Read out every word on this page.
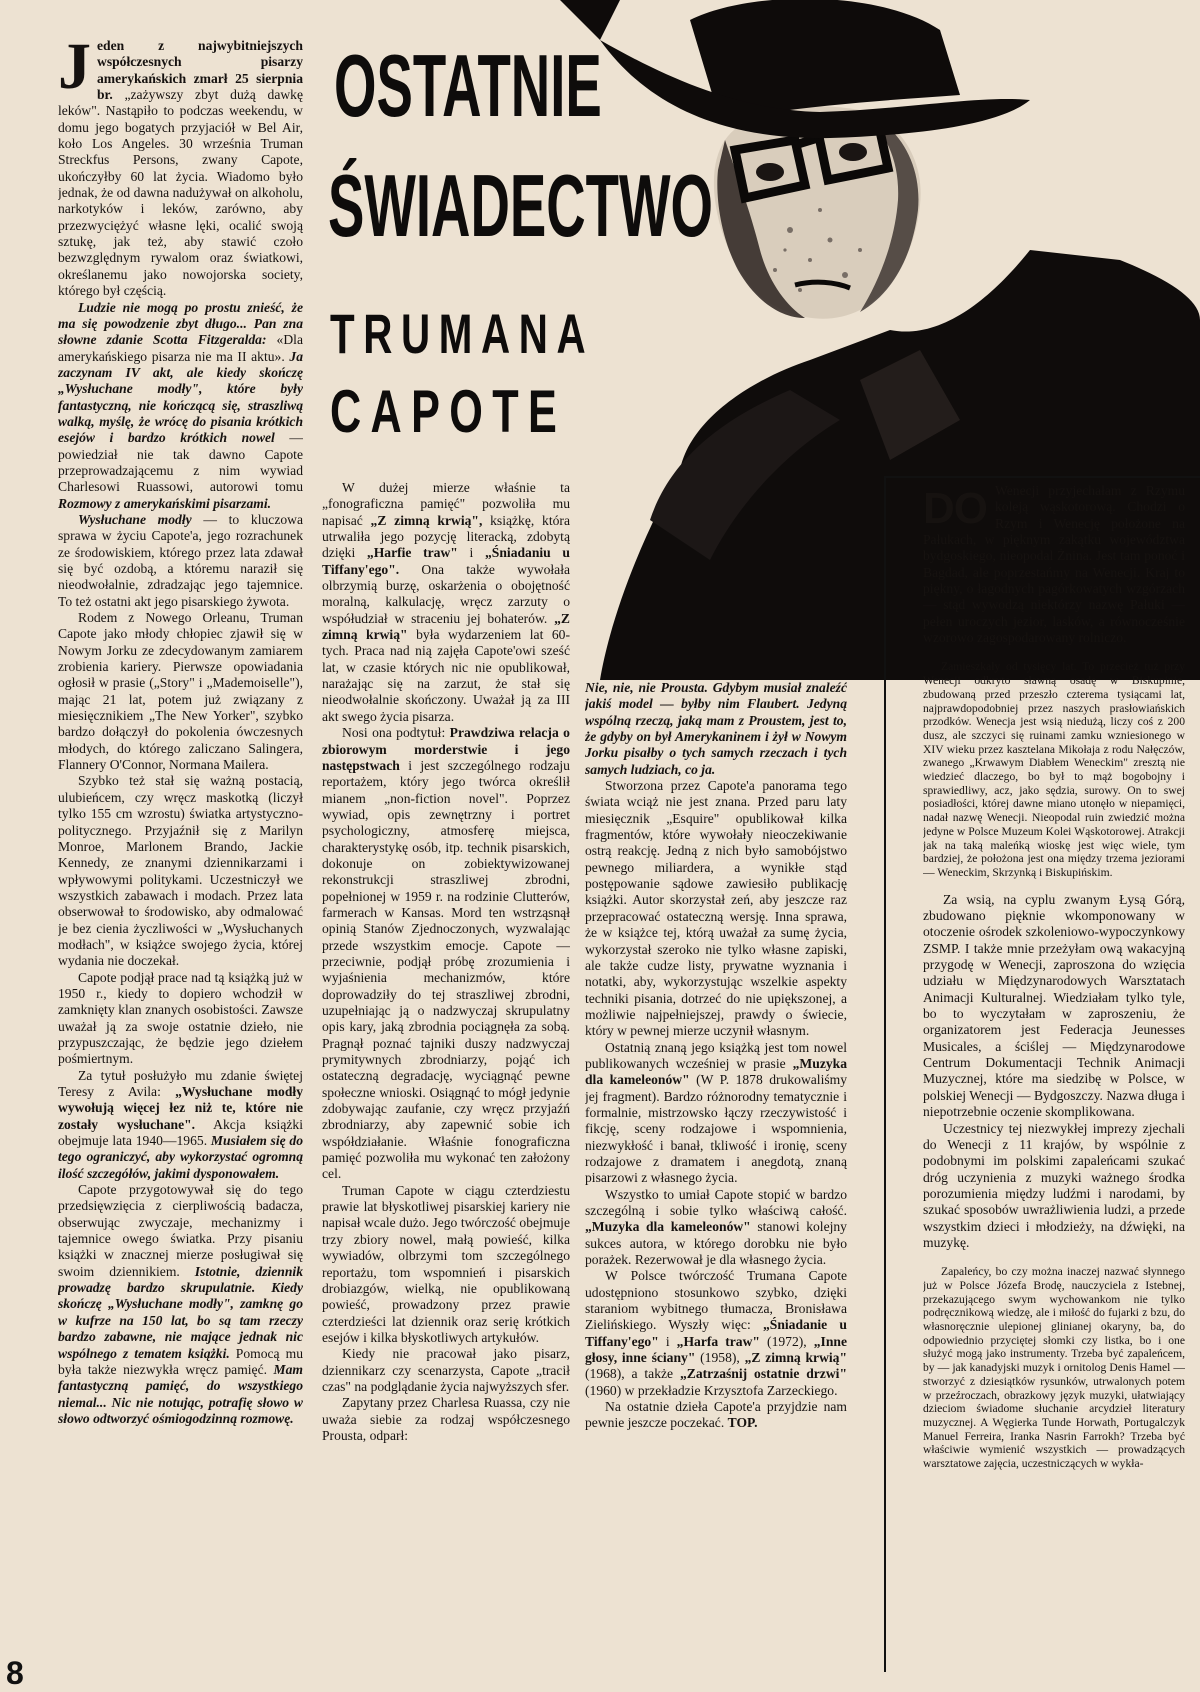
OSTATNIE
ŚWIADECTWO
TRUMANA
CAPOTE

Jeden z najwybitniejszych współczesnych pisarzy amerykańskich zmarł 25 sierpnia br. „zażywszy zbyt dużą dawkę leków". Nastąpiło to podczas weekendu, w domu jego bogatych przyjaciół w Bel Air, koło Los Angeles. 30 września Truman Streckfus Persons, zwany Capote, ukończyłby 60 lat życia. Wiadomo było jednak, że od dawna nadużywał on alkoholu, narkotyków i leków, zarówno, aby przezwyciężyć własne lęki, ocalić swoją sztukę, jak też, aby stawić czoło bezwzględnym rywalom oraz światkowi, określanemu jako nowojorska society, którego był częścią.

Ludzie nie mogą po prostu znieść, że ma się powodzenie zbyt długo... Pan zna słowne zdanie Scotta Fitzgeralda: «Dla amerykańskiego pisarza nie ma II aktu». Ja zaczynam IV akt, ale kiedy skończę „Wysłuchane modły", które były fantastyczną, nie kończącą się, straszliwą walką, myślę, że wrócę do pisania krótkich esejów i bardzo krótkich nowel — powiedział nie tak dawno Capote przeprowadzającemu z nim wywiad Charlesowi Ruassowi, autorowi tomu Rozmowy z amerykańskimi pisarzami.

Wysłuchane modły — to kluczowa sprawa w życiu Capote'a, jego rozrachunek ze środowiskiem, którego przez lata zdawał się być ozdobą, a któremu naraził się nieodwołalnie, zdradzając jego tajemnice. To też ostatni akt jego pisarskiego żywota.

Rodem z Nowego Orleanu, Truman Capote jako młody chłopiec zjawił się w Nowym Jorku ze zdecydowanym zamiarem zrobienia kariery. Pierwsze opowiadania ogłosił w prasie („Story" i „Mademoiselle"), mając 21 lat, potem już związany z miesięcznikiem „The New Yorker", szybko bardzo dołączył do pokolenia ówczesnych młodych, do którego zaliczano Salingera, Flannery O'Connor, Normana Mailera.

Szybko też stał się ważną postacią, ulubieńcem, czy wręcz maskotką (liczył tylko 155 cm wzrostu) światka artystyczno-politycznego. Przyjaźnił się z Marilyn Monroe, Marlonem Brando, Jackie Kennedy, ze znanymi dziennikarzami i wpływowymi politykami. Uczestniczył we wszystkich zabawach i modach. Przez lata obserwował to środowisko, aby odmalować je bez cienia życzliwości w „Wysłuchanych modłach", w książce swojego życia, której wydania nie doczekał.

Capote podjął prace nad tą książką już w 1950 r., kiedy to dopiero wchodził w zamknięty klan znanych osobistości. Zawsze uważał ją za swoje ostatnie dzieło, nie przypuszczając, że będzie jego dziełem pośmiertnym.

Za tytuł posłużyło mu zdanie świętej Teresy z Avila: „Wysłuchane modły wywołują więcej łez niż te, które nie zostały wysłuchane". Akcja książki obejmuje lata 1940—1965. Musiałem się do tego ograniczyć, aby wykorzystać ogromną ilość szczegółów, jakimi dysponowałem.

Capote przygotowywał się do tego przedsięwzięcia z cierpliwością badacza, obserwując zwyczaje, mechanizmy i tajemnice owego światka. Przy pisaniu książki w znacznej mierze posługiwał się swoim dziennikiem. Istotnie, dziennik prowadzę bardzo skrupulatnie. Kiedy skończę „Wysłuchane modły", zamknę go w kufrze na 150 lat, bo są tam rzeczy bardzo zabawne, nie mające jednak nic wspólnego z tematem książki. Pomocą mu była także niezwykła wręcz pamięć. Mam fantastyczną pamięć, do wszystkiego niemal... Nic nie notując, potrafię słowo w słowo odtworzyć ośmiogodzinną rozmowę.

W dużej mierze właśnie ta „fonograficzna pamięć" pozwoliła mu napisać „Z zimną krwią", książkę, która utrwaliła jego pozycję literacką, zdobytą dzięki „Harfie traw" i „Śniadaniu u Tiffany'ego". Ona także wywołała olbrzymią burzę, oskarżenia o obojętność moralną, kalkulację, wręcz zarzuty o współudział w straceniu jej bohaterów. „Z zimną krwią" była wydarzeniem lat 60-tych. Praca nad nią zajęła Capote'owi sześć lat, w czasie których nic nie opublikował, narażając się na zarzut, że stał się nieodwołalnie skończony. Uważał ją za III akt swego życia pisarza.

Nosi ona podtytuł: Prawdziwa relacja o zbiorowym morderstwie i jego następstwach i jest szczególnego rodzaju reportażem, który jego twórca określił mianem „non-fiction novel". Poprzez wywiad, opis zewnętrzny i portret psychologiczny, atmosferę miejsca, charakterystykę osób, itp. technik pisarskich, dokonuje on zobiektywizowanej rekonstrukcji straszliwej zbrodni, popełnionej w 1959 r. na rodzinie Clutterów, farmerach w Kansas. Mord ten wstrząsnął opinią Stanów Zjednoczonych, wyzwalając przede wszystkim emocje. Capote — przeciwnie, podjął próbę zrozumienia i wyjaśnienia mechanizmów, które doprowadziły do tej straszliwej zbrodni, uzupełniając ją o nadzwyczaj skrupulatny opis kary, jaką zbrodnia pociągnęła za sobą. Pragnął poznać tajniki duszy nadzwyczaj prymitywnych zbrodniarzy, pojąć ich ostateczną degradację, wyciągnąć pewne społeczne wnioski. Osiągnąć to mógł jedynie zdobywając zaufanie, czy wręcz przyjaźń zbrodniarzy, aby zapewnić sobie ich współdziałanie. Właśnie fonograficzna pamięć pozwoliła mu wykonać ten założony cel.

Truman Capote w ciągu czterdziestu prawie lat błyskotliwej pisarskiej kariery nie napisał wcale dużo. Jego twórczość obejmuje trzy zbiory nowel, małą powieść, kilka wywiadów, olbrzymi tom szczególnego reportażu, tom wspomnień i pisarskich drobiazgów, wielką, nie opublikowaną powieść, prowadzony przez prawie czterdzieści lat dziennik oraz serię krótkich esejów i kilka błyskotliwych artykułów.

Kiedy nie pracował jako pisarz, dziennikarz czy scenarzysta, Capote „tracił czas" na podglądanie życia najwyższych sfer.

Zapytany przez Charlesa Ruassa, czy nie uważa siebie za rodzaj współczesnego Prousta, odparł:

Nie, nie, nie Prousta. Gdybym musiał znaleźć jakiś model — byłby nim Flaubert. Jedyną wspólną rzeczą, jaką mam z Proustem, jest to, że gdyby on był Amerykaninem i żył w Nowym Jorku pisałby o tych samych rzeczach i tych samych ludziach, co ja.

Stworzona przez Capote'a panorama tego świata wciąż nie jest znana. Przed paru laty miesięcznik „Esquire" opublikował kilka fragmentów, które wywołały nieoczekiwanie ostrą reakcję. Jedną z nich było samobójstwo pewnego miliardera, a wynikłe stąd postępowanie sądowe zawiesiło publikację książki. Autor skorzystał zeń, aby jeszcze raz przepracować ostateczną wersję. Inna sprawa, że w książce tej, którą uważał za sumę życia, wykorzystał szeroko nie tylko własne zapiski, ale także cudze listy, prywatne wyznania i notatki, aby, wykorzystując wszelkie aspekty techniki pisania, dotrzeć do nie upiększonej, a możliwie najpełniejszej, prawdy o świecie, który w pewnej mierze uczynił własnym.

Ostatnią znaną jego książką jest tom nowel publikowanych wcześniej w prasie „Muzyka dla kameleonów" (W P. 1878 drukowaliśmy jej fragment). Bardzo różnorodny tematycznie i formalnie, mistrzowsko łączy rzeczywistość i fikcję, sceny rodzajowe i wspomnienia, niezwykłość i banał, tkliwość i ironię, sceny rodzajowe z dramatem i anegdotą, znaną pisarzowi z własnego życia.

Wszystko to umiał Capote stopić w bardzo szczególną i sobie tylko właściwą całość. „Muzyka dla kameleonów" stanowi kolejny sukces autora, w którego dorobku nie było porażek. Rezerwował je dla własnego życia.

W Polsce twórczość Trumana Capote udostępniono stosunkowo szybko, dzięki staraniom wybitnego tłumacza, Bronisława Zielińskiego. Wyszły więc: „Śniadanie u Tiffany'ego" i „Harfa traw" (1972), „Inne głosy, inne ściany" (1958), „Z zimną krwią" (1968), a także „Zatrzaśnij ostatnie drzwi" (1960) w przekładzie Krzysztofa Zarzeckiego.

Na ostatnie dzieła Capote'a przyjdzie nam pewnie jeszcze poczekać. TOP.

DO Wenecji przyjechałam z Rzymu koleją wąskotorową. Chodzi o Rzym i Wenecję położone na Pałukach, w pięknym zakątku województwa bydgoskiego, nieopodal Żnina. Jest tam ponoć i Bagdad, ale poprzestańmy na Wenecji. Kraj to piękny, o łagodnych pagórkowatych wzgórzach — stąd wywodzą niektórzy nazwę Pałuki — pełen uroczych jezior, lasków, a równocześnie wzorowo zagospodarowany rolniczo.

Zamieszkały od tysięcy lat. To przecież tuż przy Wenecji odkryto sławną osadę w Biskupinie, zbudowaną przed przeszło czterema tysiącami lat, najprawdopodobniej przez naszych prasłowiańskich przodków. Wenecja jest wsią niedużą, liczy coś z 200 dusz, ale szczyci się ruinami zamku wzniesionego w XIV wieku przez kasztelana Mikołaja z rodu Nałęczów, zwanego „Krwawym Diabłem Weneckim" zresztą nie wiedzieć dlaczego, bo był to mąż bogobojny i sprawiedliwy, acz, jako sędzia, surowy. On to swej posiadłości, której dawne miano utonęło w niepamięci, nadał nazwę Wenecji. Nieopodal ruin zwiedzić można jedyne w Polsce Muzeum Kolei Wąskotorowej. Atrakcji jak na taką maleńką wioskę jest więc wiele, tym bardziej, że położona jest ona między trzema jeziorami — Weneckim, Skrzynką i Biskupińskim.

Za wsią, na cyplu zwanym Łysą Górą, zbudowano pięknie wkomponowany w otoczenie ośrodek szkoleniowo-wypoczynkowy ZSMP. I także mnie przeżyłam ową wakacyjną przygodę w Wenecji, zaproszona do wzięcia udziału w Międzynarodowych Warsztatach Animacji Kulturalnej. Wiedziałam tylko tyle, bo to wyczytałam w zaproszeniu, że organizatorem jest Federacja Jeunesses Musicales, a ściślej — Międzynarodowe Centrum Dokumentacji Technik Animacji Muzycznej, które ma siedzibę w Polsce, w polskiej Wenecji — Bydgoszczy. Nazwa długa i niepotrzebnie oczenie skomplikowana.

Uczestnicy tej niezwykłej imprezy zjechali do Wenecji z 11 krajów, by wspólnie z podobnymi im polskimi zapaleńcami szukać dróg uczynienia z muzyki ważnego środka porozumienia między ludźmi i narodami, by szukać sposobów uwrażliwienia ludzi, a przede wszystkim dzieci i młodzieży, na dźwięki, na muzykę.

Zapaleńcy, bo czy można inaczej nazwać słynnego już w Polsce Józefa Brodę, nauczyciela z Istebnej, przekazującego swym wychowankom nie tylko podręcznikową wiedzę, ale i miłość do fujarki z bzu, do własnoręcznie ulepionej glinianej okaryny, ba, do odpowiednio przyciętej słomki czy listka, bo i one służyć mogą jako instrumenty. Trzeba być zapaleńcem, by — jak kanadyjski muzyk i ornitolog Denis Hamel — stworzyć z dziesiątków rysunków, utrwalonych potem w przeźroczach, obrazkowy język muzyki, ułatwiający dzieciom świadome słuchanie arcydzieł literatury muzycznej. A Węgierka Tunde Horwath, Portugalczyk Manuel Ferreira, Iranka Nasrin Farrokh? Trzeba być właściwie wymienić wszystkich — prowadzących warsztatowe zajęcia, uczestniczących w wykła-

8
